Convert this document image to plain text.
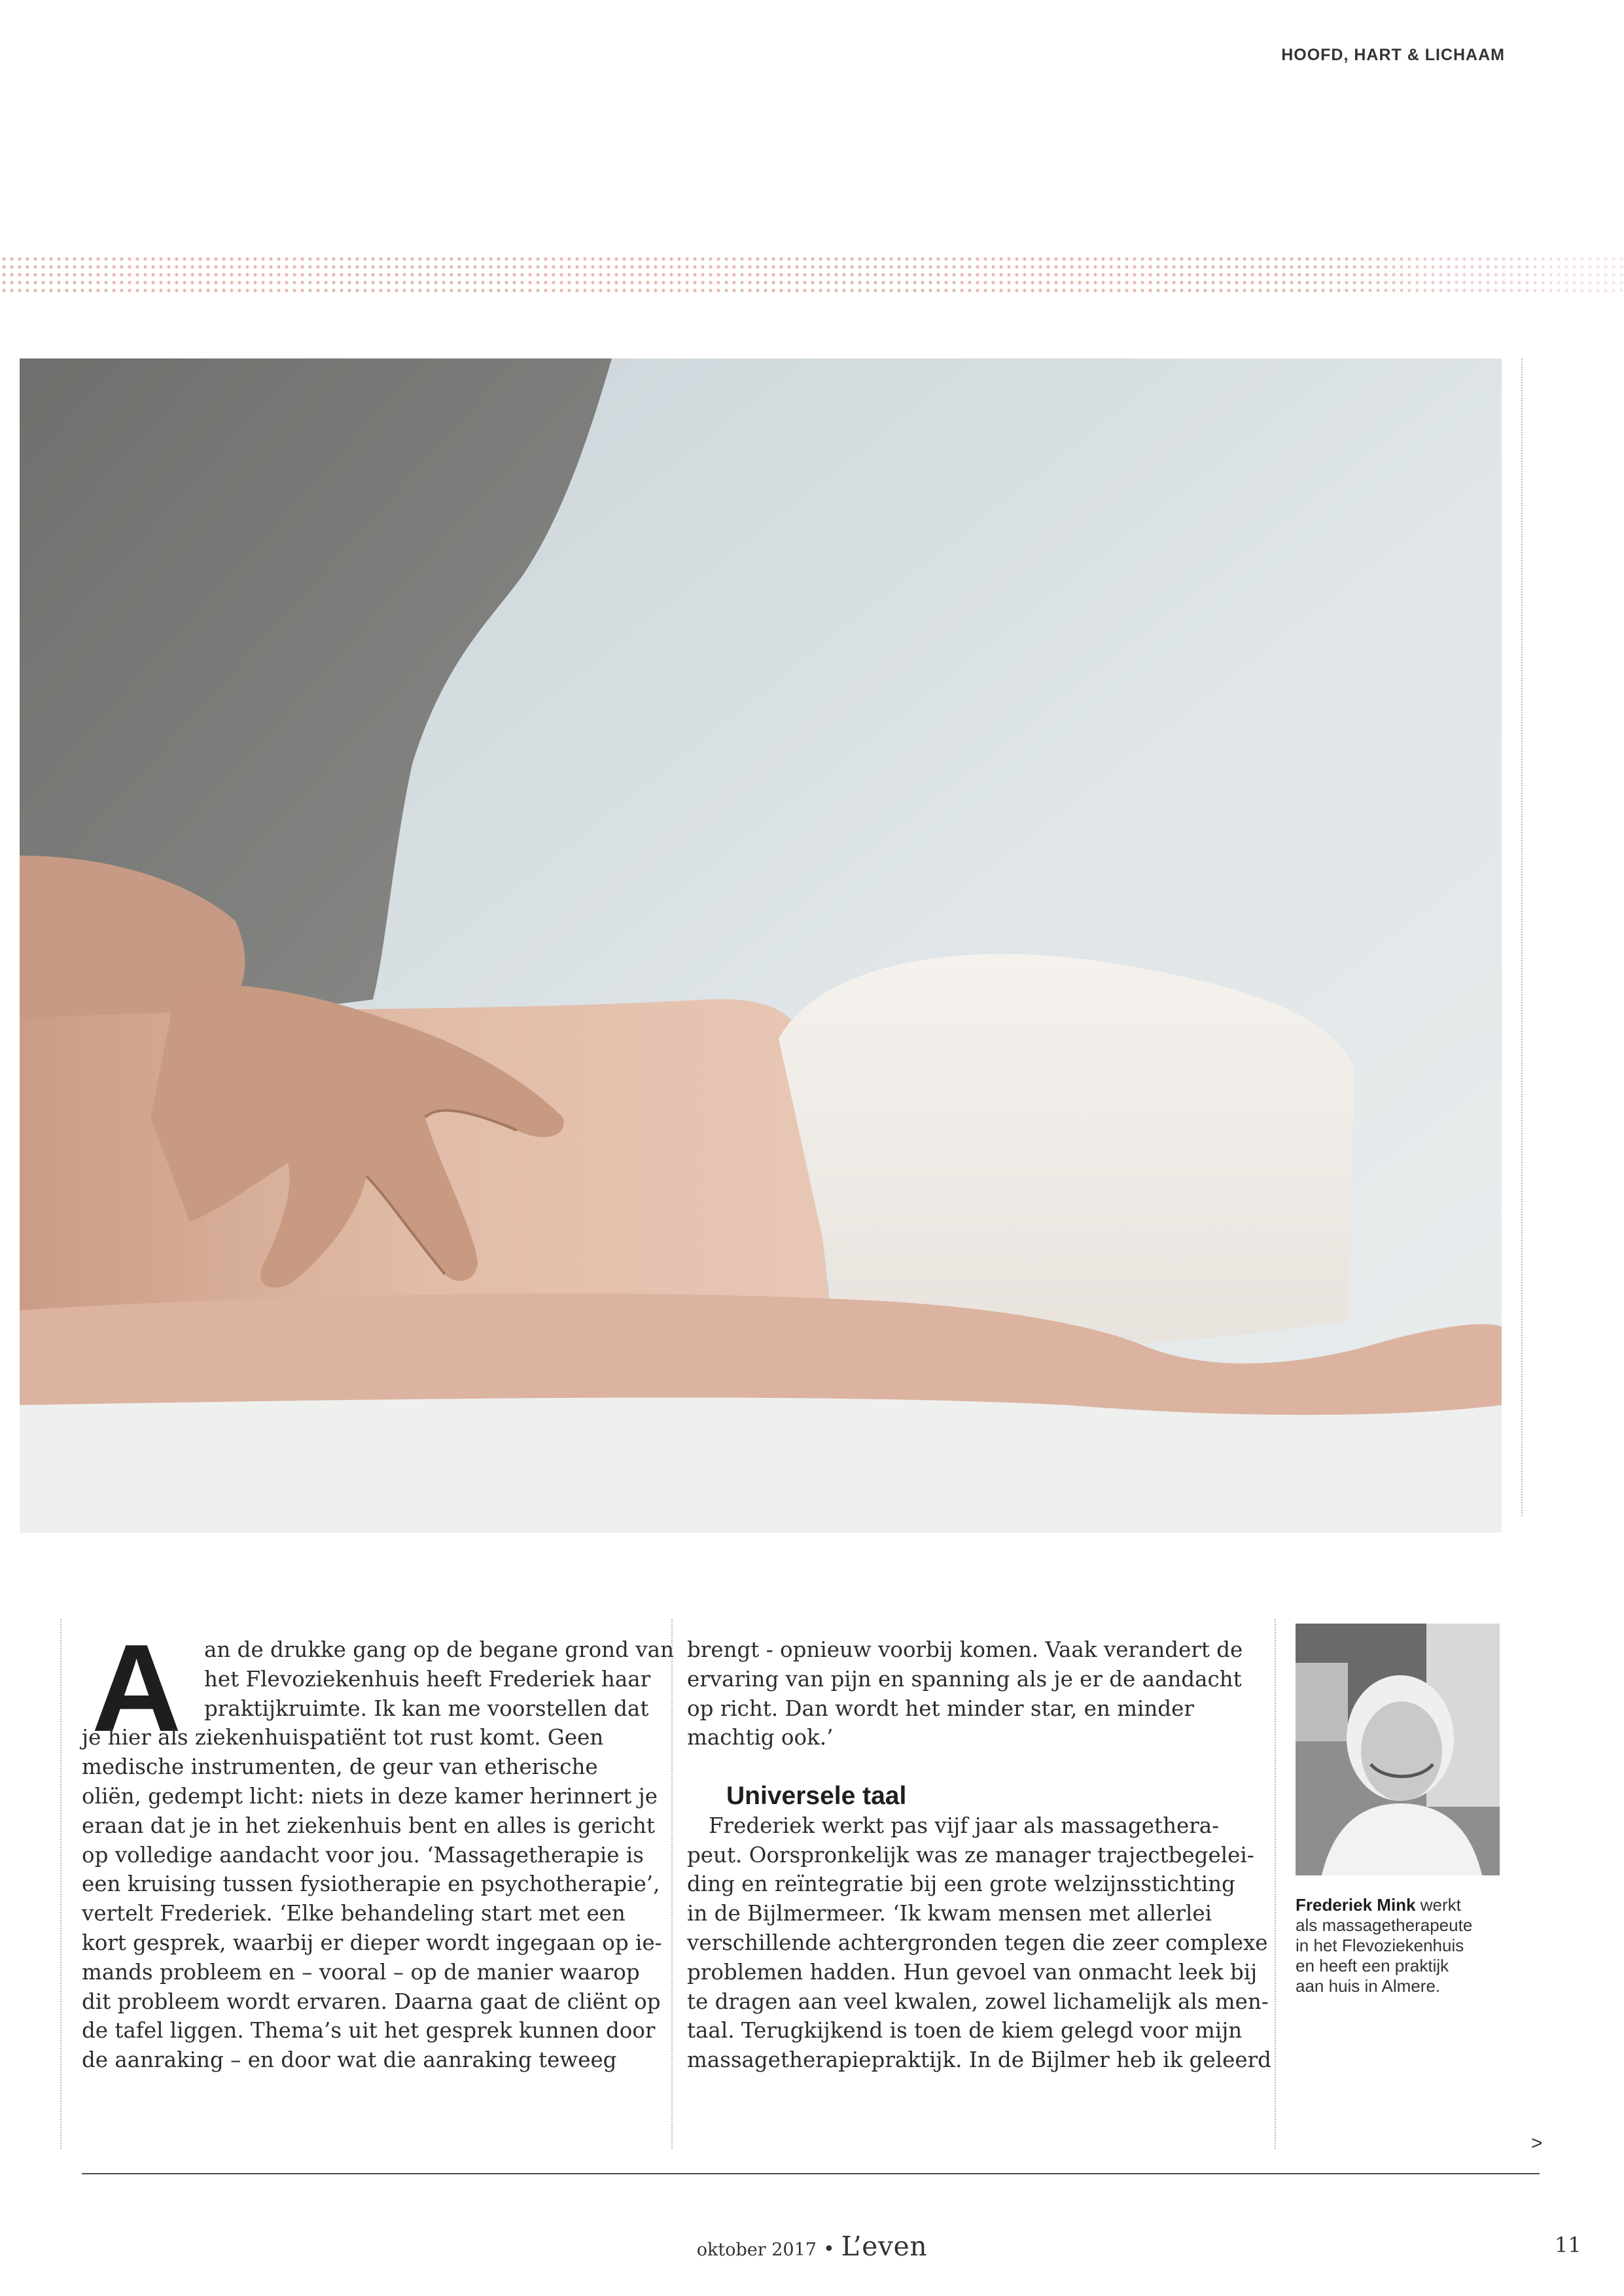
HOOFD, HART & LICHAAM
A	an de drukke gang op de begane grond van

het Flevoziekenhuis heeft Frederiek haar

praktijkruimte. Ik kan me voorstellen dat

je hier als ziekenhuispatiënt tot rust komt. Geen

medische instrumenten, de geur van etherische

oliën, gedempt licht: niets in deze kamer herinnert je

eraan dat je in het ziekenhuis bent en alles is gericht

op volledige aandacht voor jou. ‘Massagetherapie is

een kruising tussen fysiotherapie en psychotherapie’,

vertelt Frederiek. ‘Elke behandeling start met een

kort gesprek, waarbij er dieper wordt ingegaan op ie-

mands probleem en – vooral – op de manier waarop

dit probleem wordt ervaren. Daarna gaat de cliënt op

de tafel liggen. Thema’s uit het gesprek kunnen door

de aanraking – en door wat die aanraking teweeg

brengt - opnieuw voorbij komen. Vaak verandert de

ervaring van pijn en spanning als je er de aandacht

op richt. Dan wordt het minder star, en minder

machtig ook.’

Universele taal

Frederiek werkt pas vijf jaar als massagethera-

peut. Oorspronkelijk was ze manager trajectbegelei-

ding en reïntegratie bij een grote welzijnsstichting

in de Bijlmermeer. ‘Ik kwam mensen met allerlei

verschillende achtergronden tegen die zeer complexe

problemen hadden. Hun gevoel van onmacht leek bij

te dragen aan veel kwalen, zowel lichamelijk als men-

taal. Terugkijkend is toen de kiem gelegd voor mijn

massagetherapiepraktijk. In de Bijlmer heb ik geleerd

Frederiek Mink werkt
als massagetherapeute
in het Flevoziekenhuis
en heeft een praktijk
aan huis in Almere.
>
oktober 2017 • L’even	11
